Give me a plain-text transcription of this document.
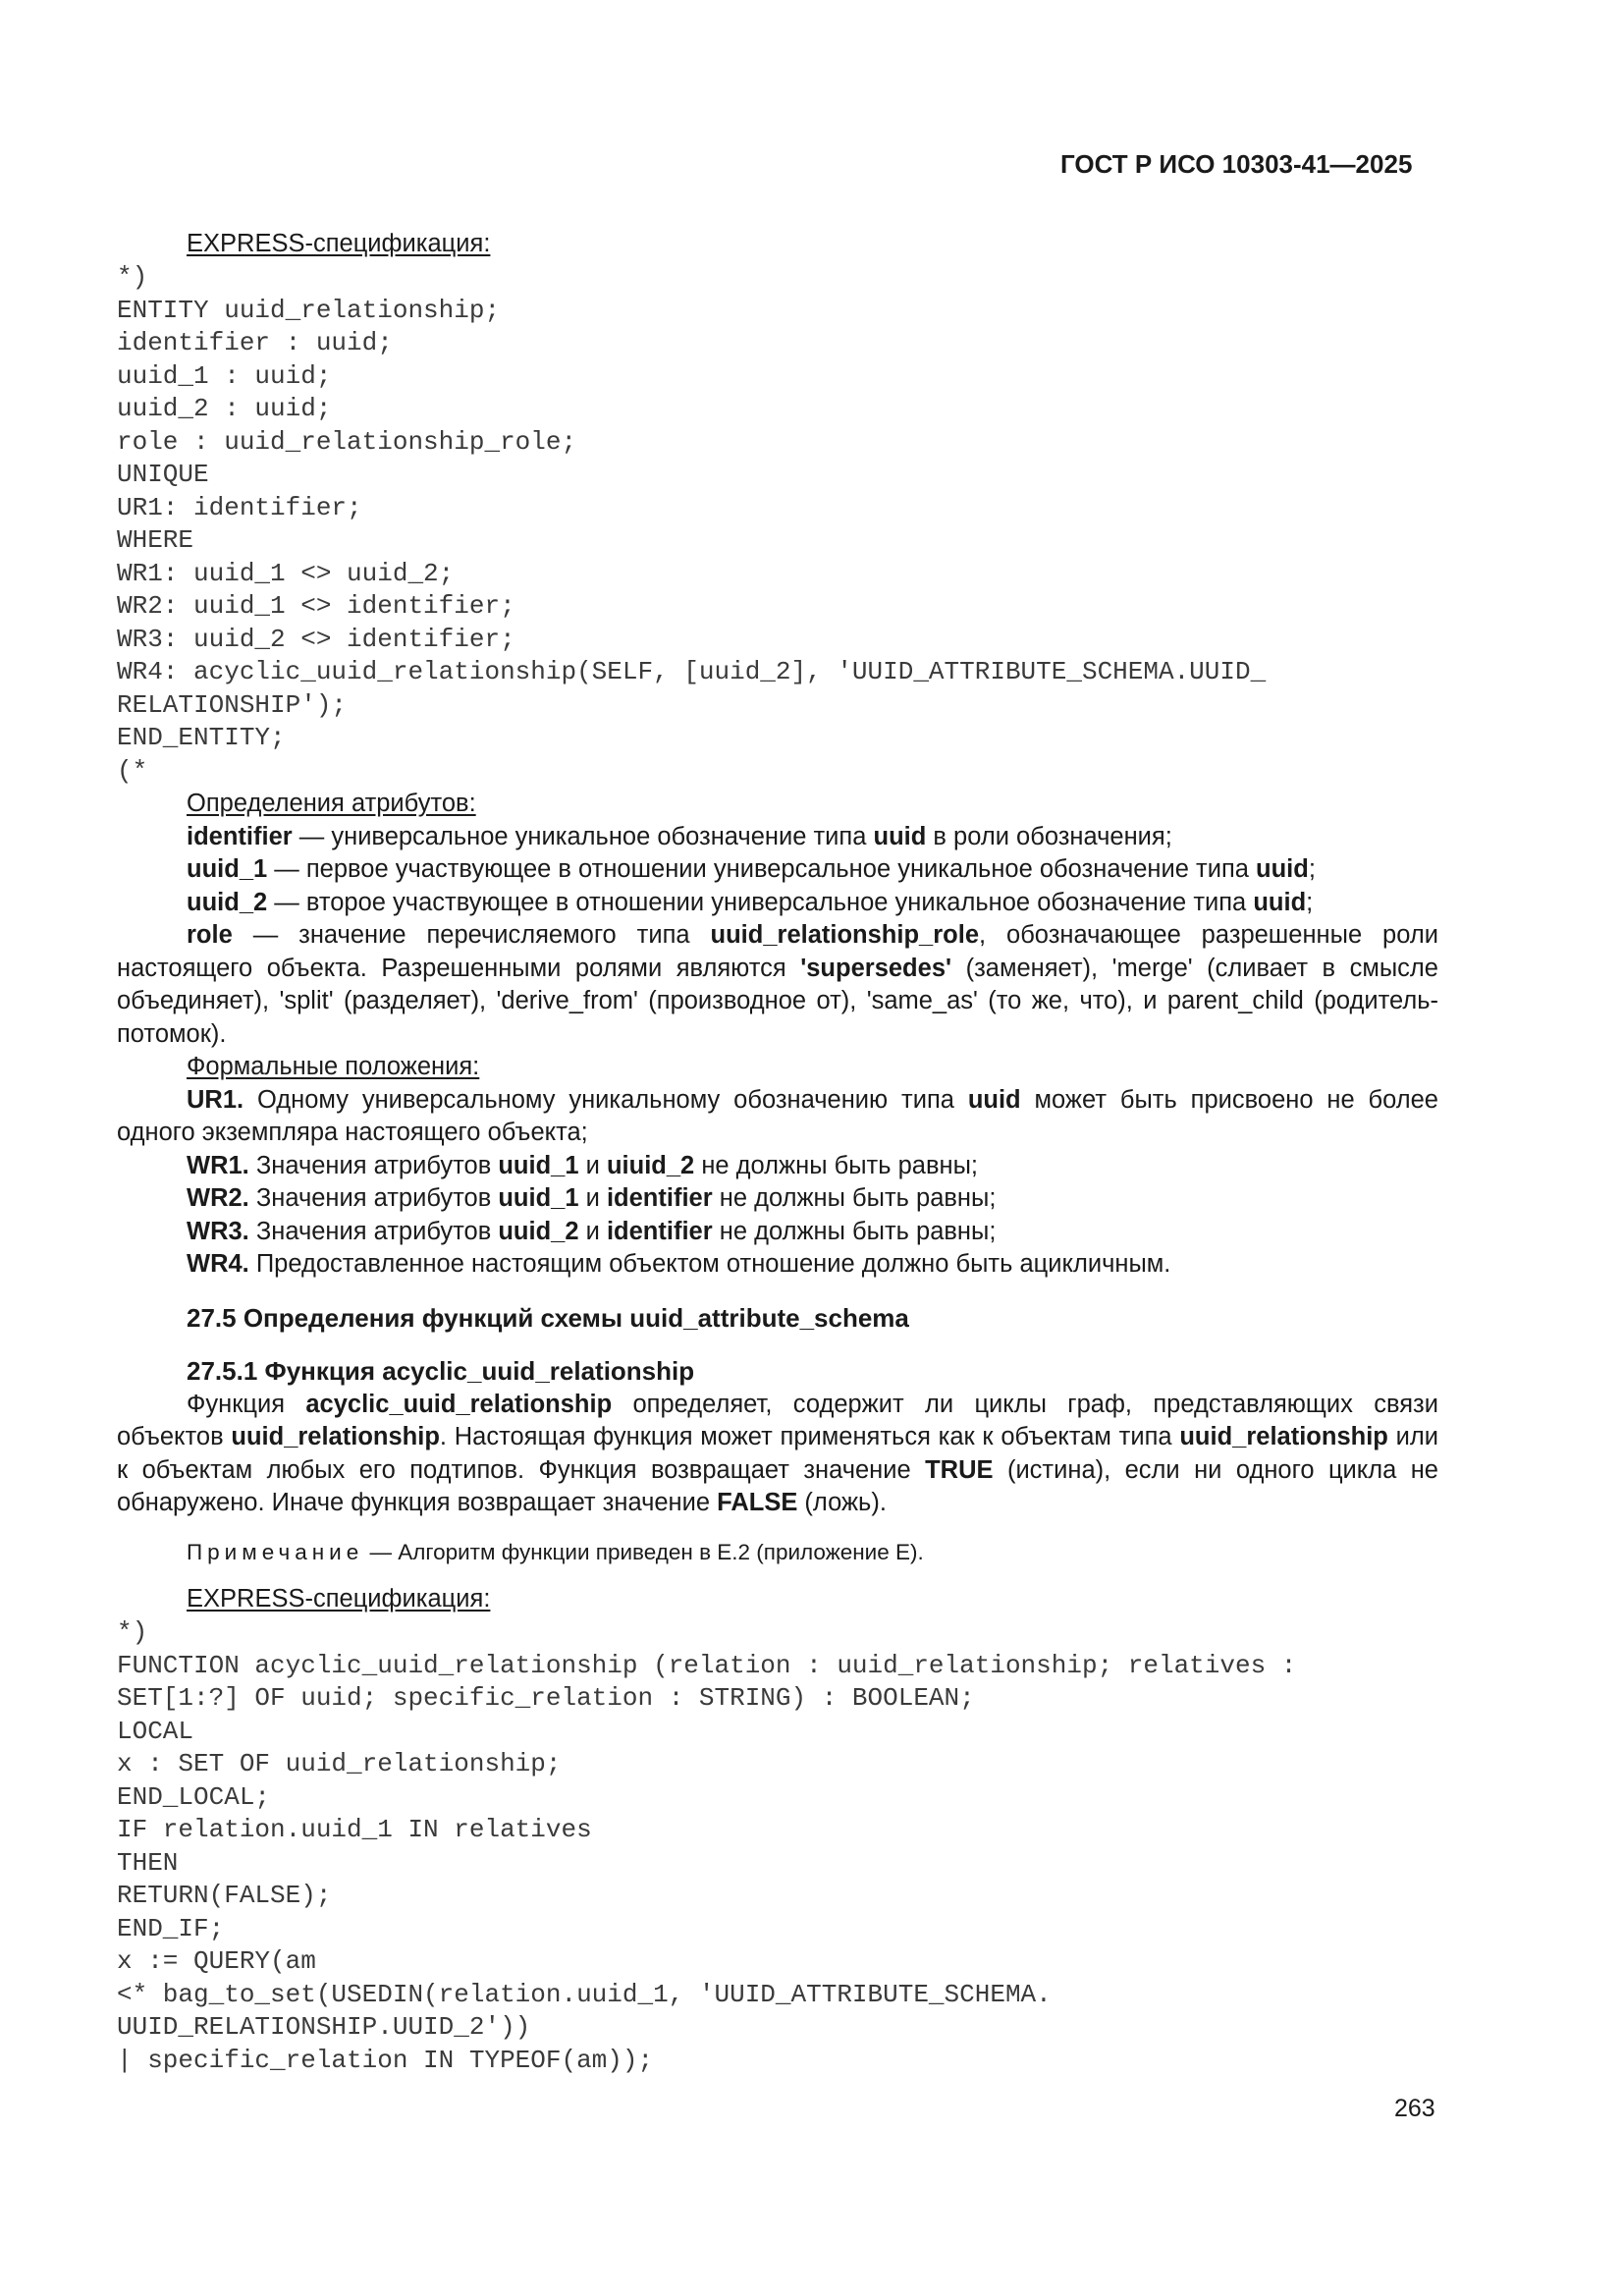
ГОСТ Р ИСО 10303-41—2025

EXPRESS-спецификация:

*)
ENTITY uuid_relationship;
identifier : uuid;
uuid_1 : uuid;
uuid_2 : uuid;
role : uuid_relationship_role;
UNIQUE
UR1: identifier;
WHERE
WR1: uuid_1 <> uuid_2;
WR2: uuid_1 <> identifier;
WR3: uuid_2 <> identifier;
WR4: acyclic_uuid_relationship(SELF, [uuid_2], 'UUID_ATTRIBUTE_SCHEMA.UUID_
RELATIONSHIP');
END_ENTITY;
(*

Определения атрибутов:

identifier — универсальное уникальное обозначение типа uuid в роли обозначения;

uuid_1 — первое участвующее в отношении универсальное уникальное обозначение типа uuid;

uuid_2 — второе участвующее в отношении универсальное уникальное обозначение типа uuid;

role — значение перечисляемого типа uuid_relationship_role, обозначающее разрешенные роли настоящего объекта. Разрешенными ролями являются 'supersedes' (заменяет), 'merge' (сливает в смысле объединяет), 'split' (разделяет), 'derive_from' (производное от), 'same_as' (то же, что), и parent_child (родитель-потомок).

Формальные положения:

UR1. Одному универсальному уникальному обозначению типа uuid может быть присвоено не более одного экземпляра настоящего объекта;

WR1. Значения атрибутов uuid_1 и uiuid_2 не должны быть равны;

WR2. Значения атрибутов uuid_1 и identifier не должны быть равны;

WR3. Значения атрибутов uuid_2 и identifier не должны быть равны;

WR4. Предоставленное настоящим объектом отношение должно быть ацикличным.

27.5 Определения функций схемы uuid_attribute_schema

27.5.1 Функция acyclic_uuid_relationship

Функция acyclic_uuid_relationship определяет, содержит ли циклы граф, представляющих связи объектов uuid_relationship. Настоящая функция может применяться как к объектам типа uuid_relationship или к объектам любых его подтипов. Функция возвращает значение TRUE (истина), если ни одного цикла не обнаружено. Иначе функция возвращает значение FALSE (ложь).

Примечание — Алгоритм функции приведен в Е.2 (приложение Е).

EXPRESS-спецификация:

*)
FUNCTION acyclic_uuid_relationship (relation : uuid_relationship; relatives :
SET[1:?] OF uuid; specific_relation : STRING) : BOOLEAN;
LOCAL
x : SET OF uuid_relationship;
END_LOCAL;
IF relation.uuid_1 IN relatives
THEN
RETURN(FALSE);
END_IF;
x := QUERY(am
<* bag_to_set(USEDIN(relation.uuid_1, 'UUID_ATTRIBUTE_SCHEMA.
UUID_RELATIONSHIP.UUID_2'))
| specific_relation IN TYPEOF(am));
263
